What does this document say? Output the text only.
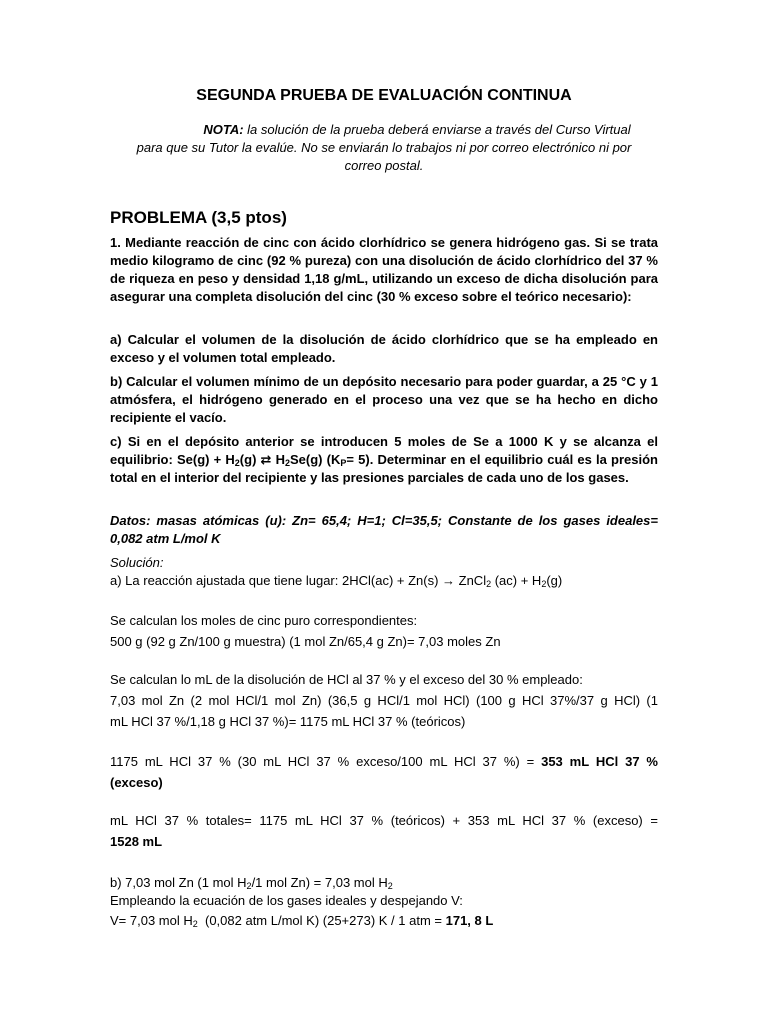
SEGUNDA PRUEBA DE EVALUACIÓN CONTINUA
NOTA: la solución de la prueba deberá enviarse a través del Curso Virtual
para que su Tutor la evalúe. No se enviarán lo trabajos ni por correo electrónico ni por
correo postal.
PROBLEMA (3,5 ptos)
1. Mediante reacción de cinc con ácido clorhídrico se genera hidrógeno gas. Si se trata medio kilogramo de cinc (92 % pureza) con una disolución de ácido clorhídrico del 37 % de riqueza en peso y densidad 1,18 g/mL, utilizando un exceso de dicha disolución para asegurar una completa disolución del cinc (30 % exceso sobre el teórico necesario):
a) Calcular el volumen de la disolución de ácido clorhídrico que se ha empleado en exceso y el volumen total empleado.
b) Calcular el volumen mínimo de un depósito necesario para poder guardar, a 25 °C y 1 atmósfera, el hidrógeno generado en el proceso una vez que se ha hecho en dicho recipiente el vacío.
c) Si en el depósito anterior se introducen 5 moles de Se a 1000 K y se alcanza el equilibrio: $Se(g) + H_2(g)$ ⇄ $H_2Se(g)$ $(K_P= 5)$. Determinar en el equilibrio cuál es la presión total en el interior del recipiente y las presiones parciales de cada uno de los gases.
Datos: masas atómicas (u): Zn= 65,4; H=1; Cl=35,5; Constante de los gases ideales= 0,082 atm L/mol K
Solución:
a) La reacción ajustada que tiene lugar: 2HCl(ac) + Zn(s) → ZnCl$_2$ $(ac) + H_2(g)$
Se calculan los moles de cinc puro correspondientes:
500 g (92 g Zn/100 g muestra) (1 mol Zn/65,4 g Zn)= 7,03 moles Zn
Se calculan lo mL de la disolución de HCl al 37 % y el exceso del 30 % empleado:
7,03 mol Zn (2 mol HCl/1 mol Zn) (36,5 g HCl/1 mol HCl) (100 g HCl 37%/37 g HCl) (1
mL HCl 37 %/1,18 g HCl 37 %)= 1175 mL HCl 37 % (teóricos)
1175 mL HCl 37 % (30 mL HCl 37 % exceso/100 mL HCl 37 %) = 353 mL HCl 37 %
(exceso)
mL HCl 37 % totales= 1175 mL HCl 37 % (teóricos) + 353 mL HCl 37 % (exceso) =
1528 mL
b) 7,03 mol Zn (1 mol $H_2/1$ mol Zn) = 7,03 mol $H_2$
Empleando la ecuación de los gases ideales y despejando V:
V= 7,03 mol $H_2$  (0,082 atm L/mol K) (25+273) K / 1 atm = 171, 8 L
